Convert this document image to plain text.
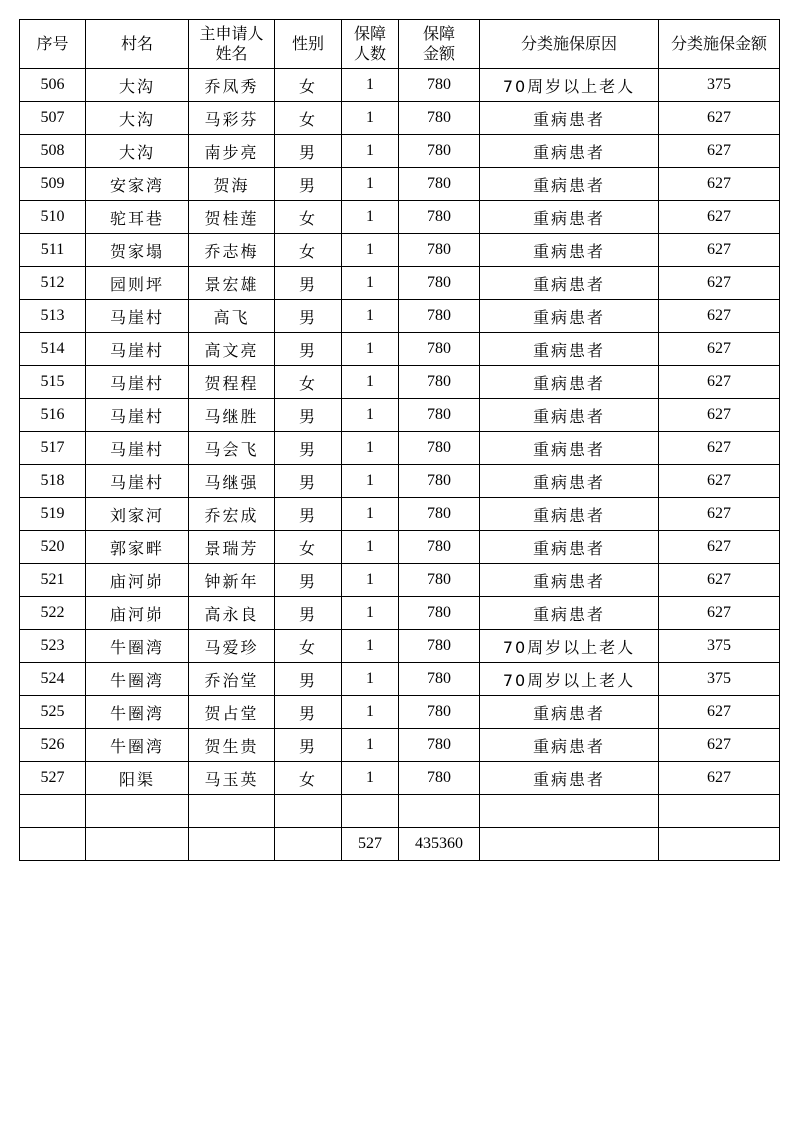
序号	村名	主申请人姓名	性别	保障人数	保障金额	分类施保原因	分类施保金额
506	大沟	乔凤秀	女	1	780	70周岁以上老人	375
507	大沟	马彩芬	女	1	780	重病患者	627
508	大沟	南步亮	男	1	780	重病患者	627
509	安家湾	贺海	男	1	780	重病患者	627
510	驼耳巷	贺桂莲	女	1	780	重病患者	627
511	贺家塌	乔志梅	女	1	780	重病患者	627
512	园则坪	景宏雄	男	1	780	重病患者	627
513	马崖村	高飞	男	1	780	重病患者	627
514	马崖村	高文亮	男	1	780	重病患者	627
515	马崖村	贺程程	女	1	780	重病患者	627
516	马崖村	马继胜	男	1	780	重病患者	627
517	马崖村	马会飞	男	1	780	重病患者	627
518	马崖村	马继强	男	1	780	重病患者	627
519	刘家河	乔宏成	男	1	780	重病患者	627
520	郭家畔	景瑞芳	女	1	780	重病患者	627
521	庙河峁	钟新年	男	1	780	重病患者	627
522	庙河峁	高永良	男	1	780	重病患者	627
523	牛圈湾	马爱珍	女	1	780	70周岁以上老人	375
524	牛圈湾	乔治堂	男	1	780	70周岁以上老人	375
525	牛圈湾	贺占堂	男	1	780	重病患者	627
526	牛圈湾	贺生贵	男	1	780	重病患者	627
527	阳渠	马玉英	女	1	780	重病患者	627

				527	435360		
